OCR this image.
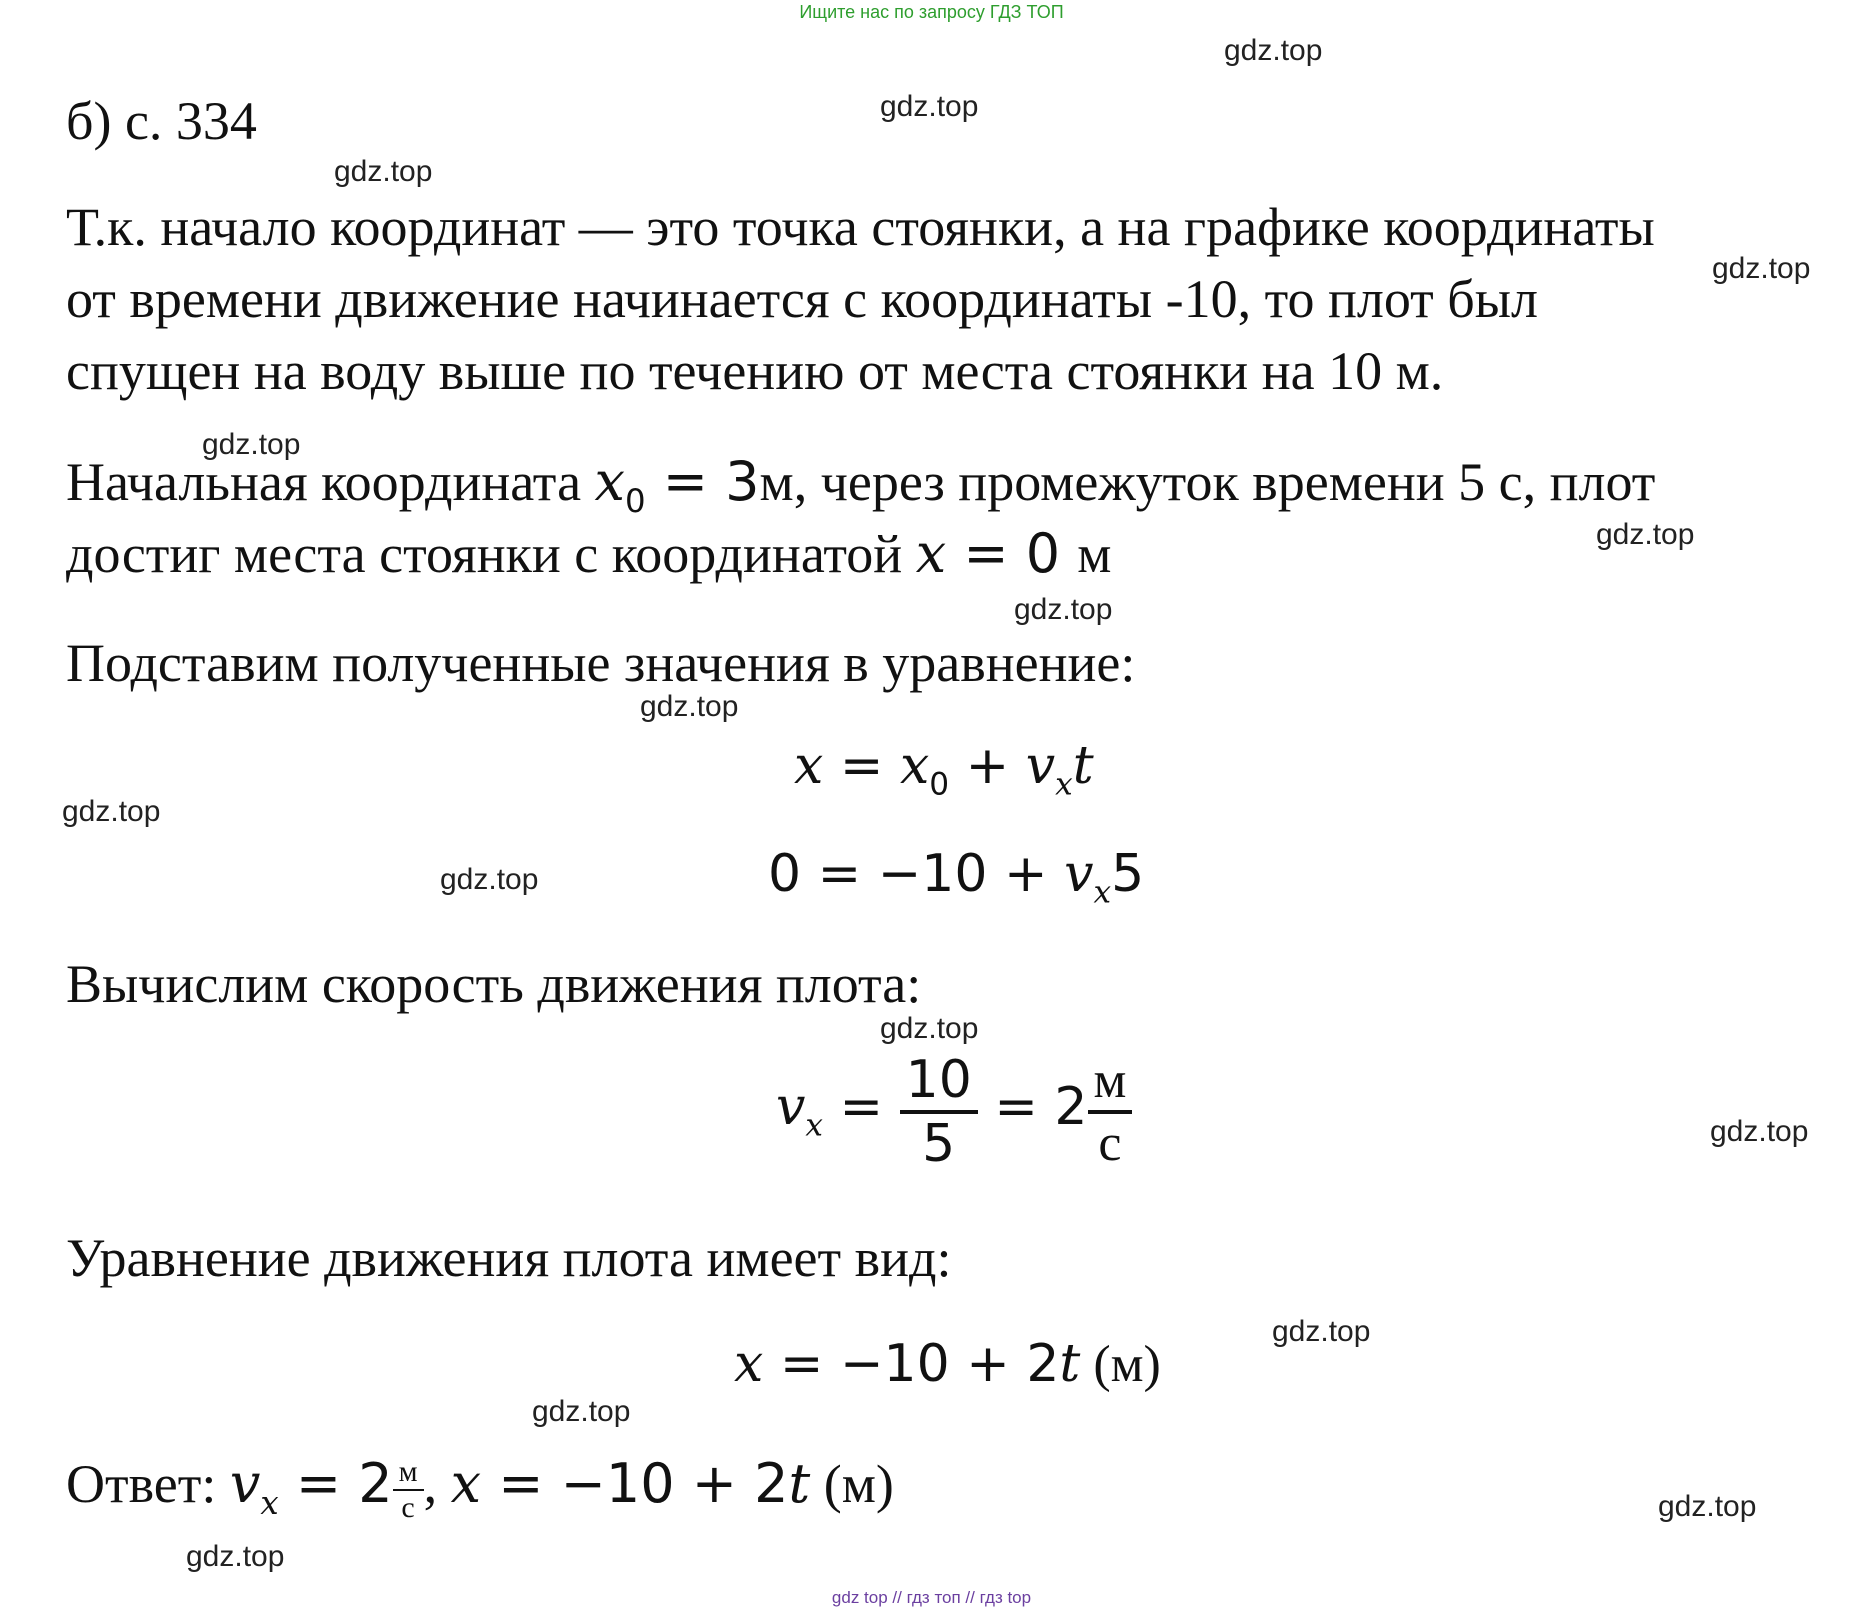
Ищите нас по запросу ГДЗ ТОП
gdz.top
gdz.top
gdz.top
gdz.top
gdz.top
gdz.top
gdz.top
gdz.top
gdz.top
gdz.top
gdz.top
gdz.top
gdz.top
gdz.top
gdz.top
gdz.top
б) с. 334
Т.к. начало координат — это точка стоянки, а на графике координаты
от времени движение начинается с координаты -10, то плот был
спущен на воду выше по течению от места стоянки на 10 м.
Начальная координата $x_0 = 3м$, через промежуток времени 5 с, плот
достиг места стоянки с координатой x = 0 м
Подставим полученные значения в уравнение:
$x = x_0 + v_xt$
$0 = -10 + v_x5$
Вычислим скорость движения плота:
$v_x = \frac{10}{5} = 2 \frac{м}{с}$
Уравнение движения плота имеет вид:
x = −10 + 2t (м)
Ответ: $v_x = 2 \frac{м}{с}$ , x = −10 + 2t (м)
gdz top // гдз топ // гдз top
